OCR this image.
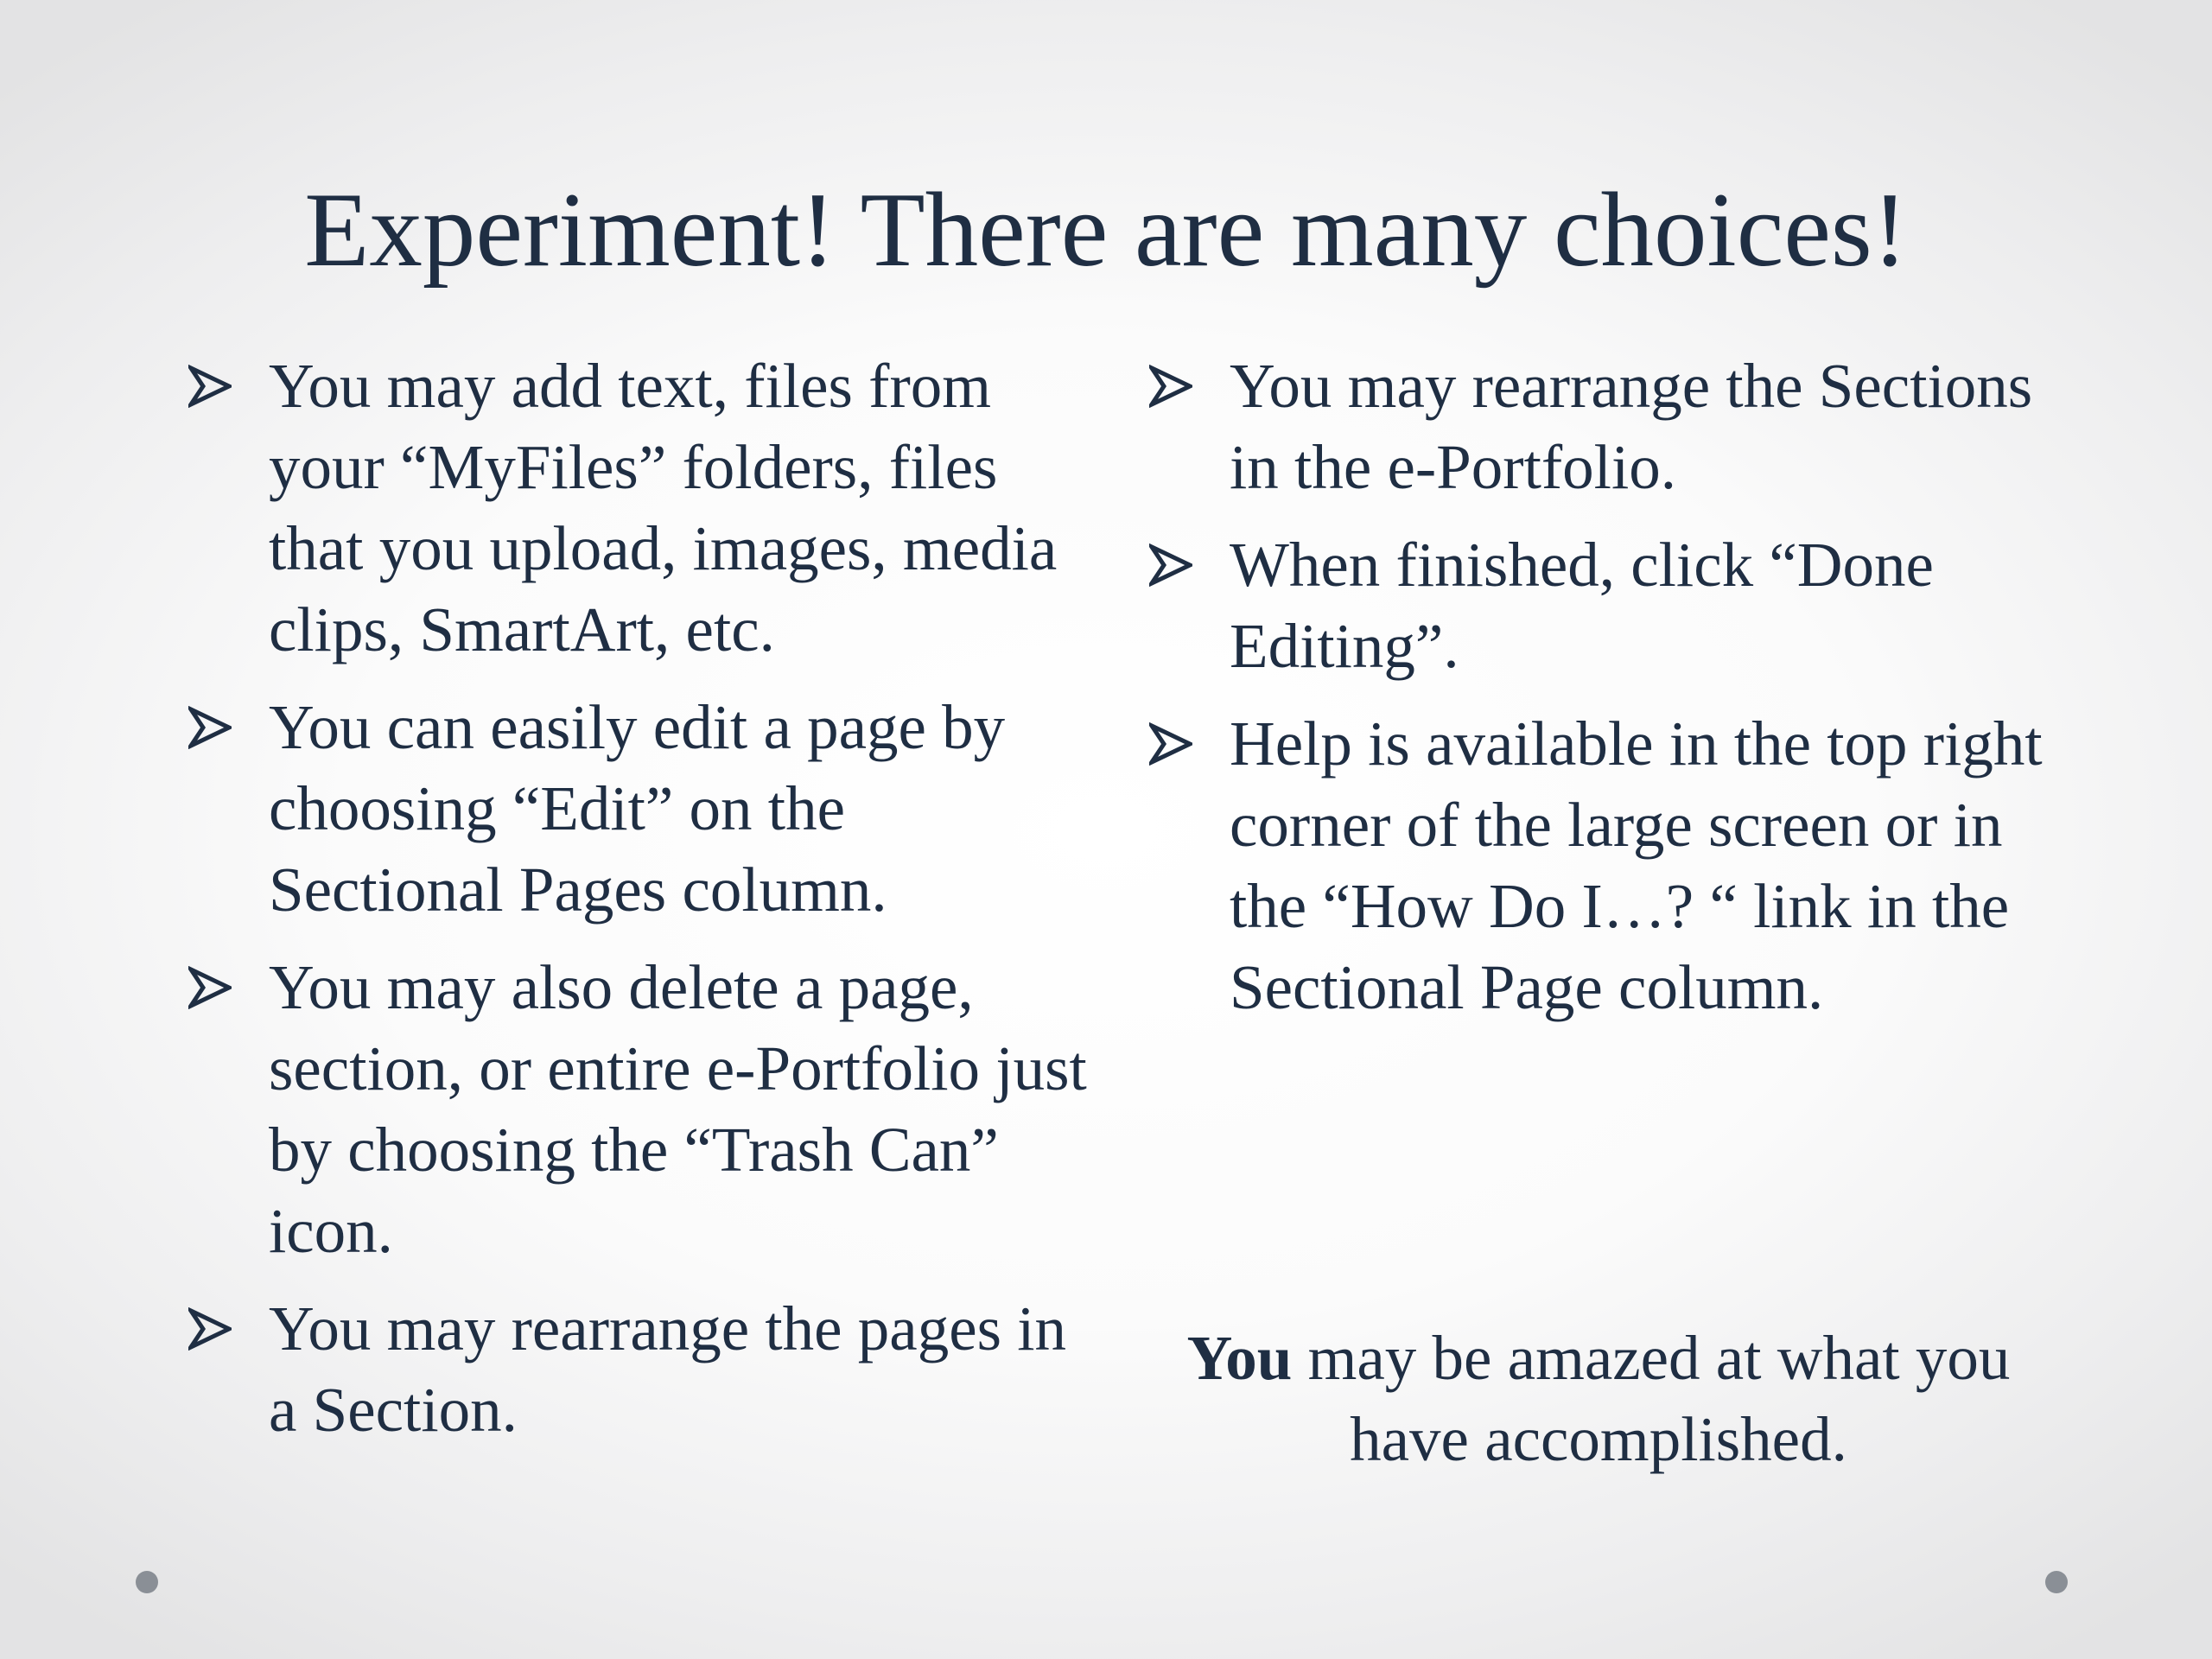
Experiment! There are many choices!
You may add text, files from your “MyFiles” folders, files that you upload, images, media clips, SmartArt, etc.
You can easily edit a page by choosing “Edit” on the Sectional Pages column.
You may also delete a page, section, or entire e-Portfolio just by choosing the “Trash Can” icon.
You may rearrange the pages in a Section.
You may rearrange the Sections in the e-Portfolio.
When finished, click “Done Editing”.
Help is available in the top right corner of the large screen or in the “How Do I…? “ link in the Sectional Page column.

You may be amazed at what you have accomplished.
